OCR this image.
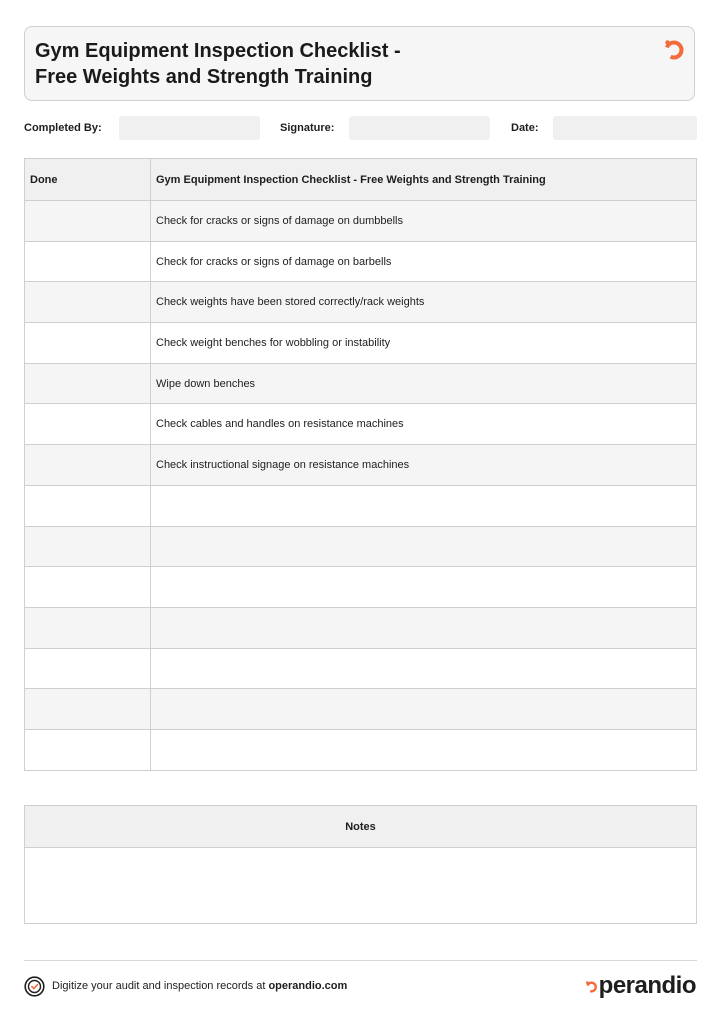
Gym Equipment Inspection Checklist -
Free Weights and Strength Training
Completed By:	Signature:	Date:
Done	Gym Equipment Inspection Checklist - Free Weights and Strength Training
	Check for cracks or signs of damage on dumbbells
	Check for cracks or signs of damage on barbells
	Check weights have been stored correctly/rack weights
	Check weight benches for wobbling or instability
	Wipe down benches
	Check cables and handles on resistance machines
	Check instructional signage on resistance machines

Notes
Digitize your audit and inspection records at operandio.com	perandio
